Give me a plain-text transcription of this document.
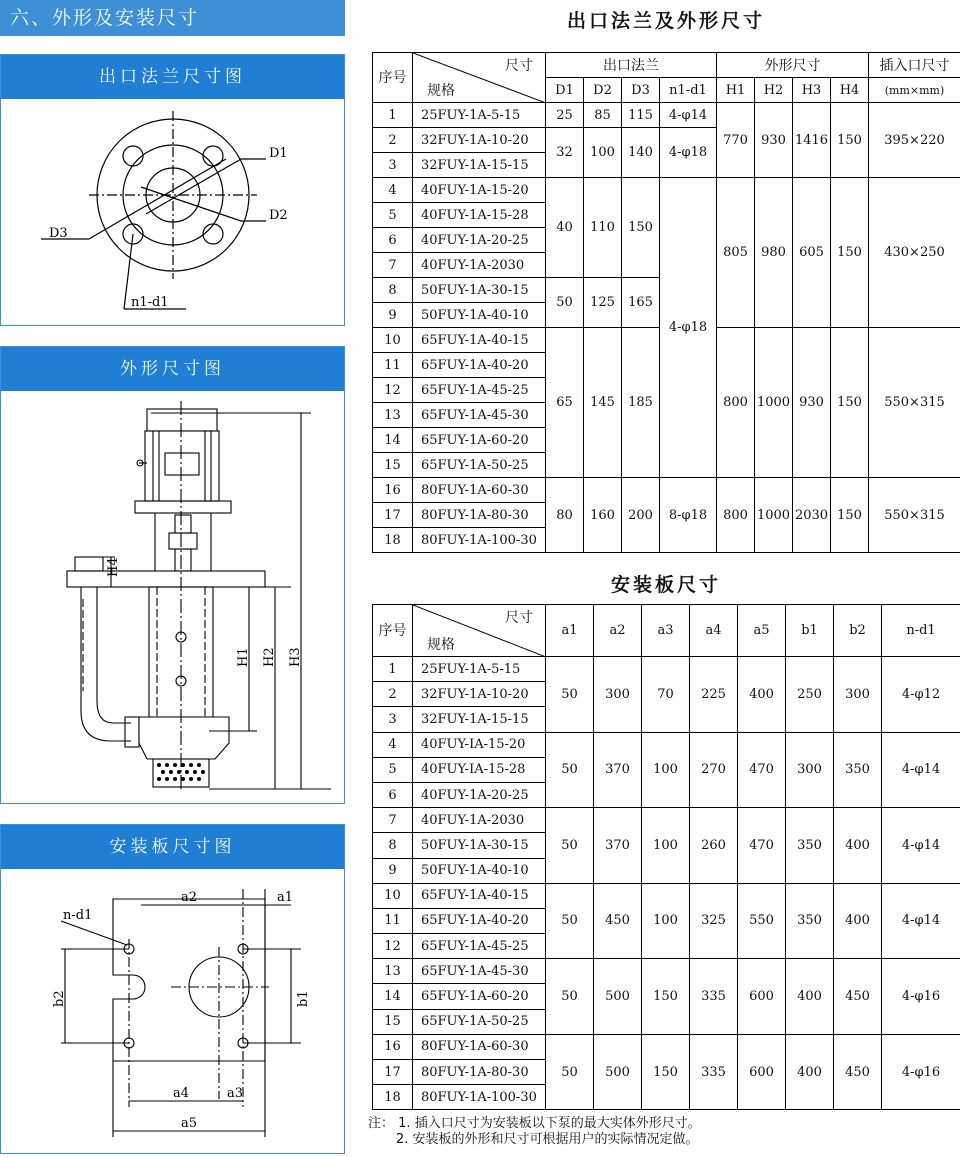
六、外形及安装尺寸
出口法兰尺寸图
D1
D2
D3
n1-d1
外形尺寸图
H4
H1 H2 H3
安装板尺寸图
a2	a1
n-d1
a4	a3
a5
b2	b1
出口法兰及外形尺寸
序号	尺寸
规格	出口法兰				外形尺寸				插入口尺寸
		D1	D2	D3	n1-d1	H1	H2	H3	H4	(mm×mm)
1	25FUY-1A-5-15	25	85	115	4-φ14	770	930	1416	150	395×220
2	32FUY-1A-10-20	32	100	140	4-φ18					
3	32FUY-1A-15-15									
4	40FUY-1A-15-20	40	110	150	4-φ18	805	980	605	150	430×250
5	40FUY-1A-15-28									
6	40FUY-1A-20-25									
7	40FUY-1A-2030									
8	50FUY-1A-30-15	50	125	165						
9	50FUY-1A-40-10									
10	65FUY-1A-40-15	65	145	185		800	1000	930	150	550×315
11	65FUY-1A-40-20									
12	65FUY-1A-45-25									
13	65FUY-1A-45-30									
14	65FUY-1A-60-20									
15	65FUY-1A-50-25									
16	80FUY-1A-60-30	80	160	200	8-φ18	800	1000	2030	150	550×315
17	80FUY-1A-80-30									
18	80FUY-1A-100-30									
安装板尺寸
序号	尺寸
规格	a1	a2	a3	a4	a5	b1	b2	n-d1
1	25FUY-1A-5-15	50	300	70	225	400	250	300	4-φ12
2	32FUY-1A-10-20								
3	32FUY-1A-15-15								
4	40FUY-IA-15-20	50	370	100	270	470	300	350	4-φ14
5	40FUY-IA-15-28								
6	40FUY-1A-20-25								
7	40FUY-1A-2030	50	370	100	260	470	350	400	4-φ14
8	50FUY-1A-30-15								
9	50FUY-1A-40-10								
10	65FUY-1A-40-15	50	450	100	325	550	350	400	4-φ14
11	65FUY-1A-40-20								
12	65FUY-1A-45-25								
13	65FUY-1A-45-30	50	500	150	335	600	400	450	4-φ16
14	65FUY-1A-60-20								
15	65FUY-1A-50-25								
16	80FUY-1A-60-30	50	500	150	335	600	400	450	4-φ16
17	80FUY-1A-80-30								
18	80FUY-1A-100-30								
注： 1. 插入口尺寸为安装板以下泵的最大实体外形尺寸。
2. 安装板的外形和尺寸可根据用户的实际情况定做。
